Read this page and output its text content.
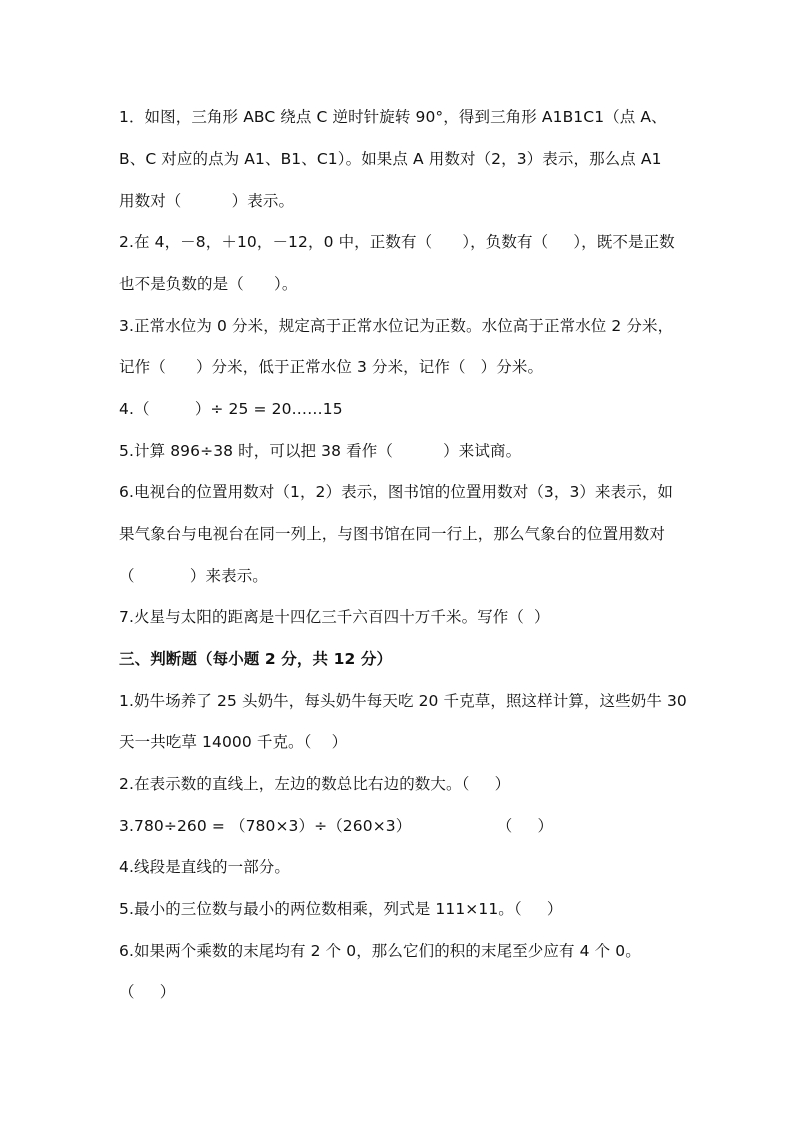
1．如图，三角形 ABC 绕点 C 逆时针旋转 90°，得到三角形 A1B1C1（点 A、
B、C 对应的点为 A1、B1、C1）。如果点 A 用数对（2，3）表示，那么点 A1
用数对（          ）表示。
2.在 4，－8，＋10，－12，0 中，正数有（      ），负数有（     ），既不是正数
也不是负数的是（      ）。
3.正常水位为 0 分米，规定高于正常水位记为正数。水位高于正常水位 2 分米，
记作（      ）分米，低于正常水位 3 分米，记作（   ）分米。
4.（         ）÷ 25 = 20……15
5.计算 896÷38 时，可以把 38 看作（          ）来试商。
6.电视台的位置用数对（1，2）表示，图书馆的位置用数对（3，3）来表示，如
果气象台与电视台在同一列上，与图书馆在同一行上，那么气象台的位置用数对
（           ）来表示。
7.火星与太阳的距离是十四亿三千六百四十万千米。写作（  ）
三、判断题（每小题 2 分，共 12 分）
1.奶牛场养了 25 头奶牛，每头奶牛每天吃 20 千克草，照这样计算，这些奶牛 30
天一共吃草 14000 千克。（    ）
2.在表示数的直线上，左边的数总比右边的数大。（     ）
3.780÷260 = （780×3）÷（260×3）                 （     ）
4.线段是直线的一部分。
5.最小的三位数与最小的两位数相乘，列式是 111×11。（     ）
6.如果两个乘数的末尾均有 2 个 0，那么它们的积的末尾至少应有 4 个 0。
（     ）
